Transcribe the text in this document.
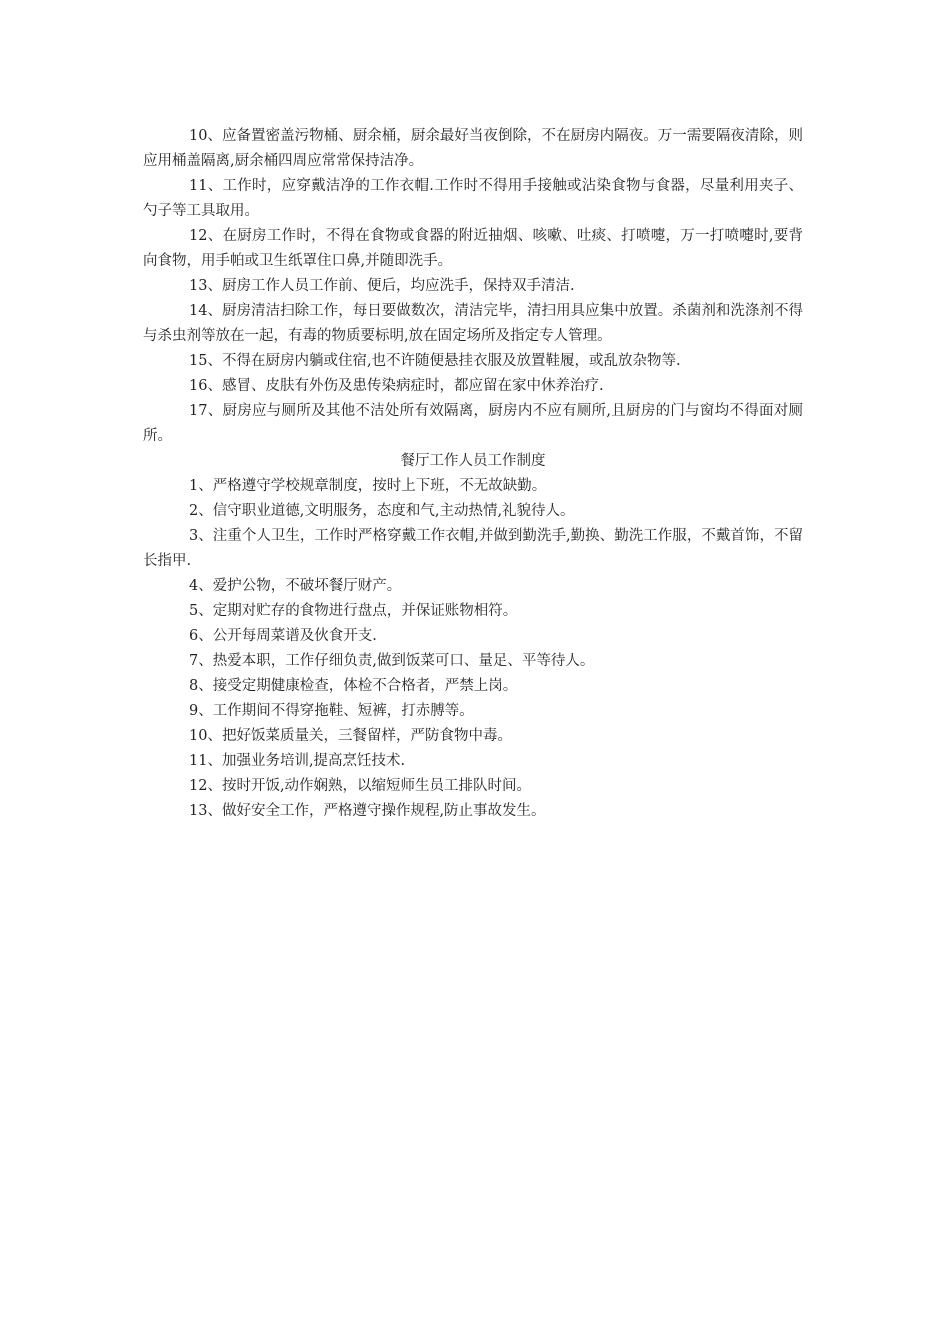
10、应备置密盖污物桶、厨余桶，厨余最好当夜倒除，不在厨房内隔夜。万一需要隔夜清除，则应用桶盖隔离,厨余桶四周应常常保持洁净。

11、工作时，应穿戴洁净的工作衣帽.工作时不得用手接触或沾染食物与食器，尽量利用夹子、勺子等工具取用。

12、在厨房工作时，不得在食物或食器的附近抽烟、咳嗽、吐痰、打喷嚏，万一打喷嚏时,要背向食物，用手帕或卫生纸罩住口鼻,并随即洗手。

13、厨房工作人员工作前、便后，均应洗手，保持双手清洁.

14、厨房清洁扫除工作，每日要做数次，清洁完毕，清扫用具应集中放置。杀菌剂和洗涤剂不得与杀虫剂等放在一起，有毒的物质要标明,放在固定场所及指定专人管理。

15、不得在厨房内躺或住宿,也不许随便悬挂衣服及放置鞋履，或乱放杂物等.

16、感冒、皮肤有外伤及患传染病症时，都应留在家中休养治疗.

17、厨房应与厕所及其他不洁处所有效隔离，厨房内不应有厕所,且厨房的门与窗均不得面对厕所。

餐厅工作人员工作制度

1、严格遵守学校规章制度，按时上下班，不无故缺勤。

2、信守职业道德,文明服务，态度和气,主动热情,礼貌待人。

3、注重个人卫生，工作时严格穿戴工作衣帽,并做到勤洗手,勤换、勤洗工作服，不戴首饰，不留长指甲.

4、爱护公物，不破坏餐厅财产。

5、定期对贮存的食物进行盘点，并保证账物相符。

6、公开每周菜谱及伙食开支.

7、热爱本职，工作仔细负责,做到饭菜可口、量足、平等待人。

8、接受定期健康检查，体检不合格者，严禁上岗。

9、工作期间不得穿拖鞋、短裤，打赤膊等。

10、把好饭菜质量关，三餐留样，严防食物中毒。

11、加强业务培训,提高烹饪技术.

12、按时开饭,动作娴熟，以缩短师生员工排队时间。

13、做好安全工作，严格遵守操作规程,防止事故发生。
